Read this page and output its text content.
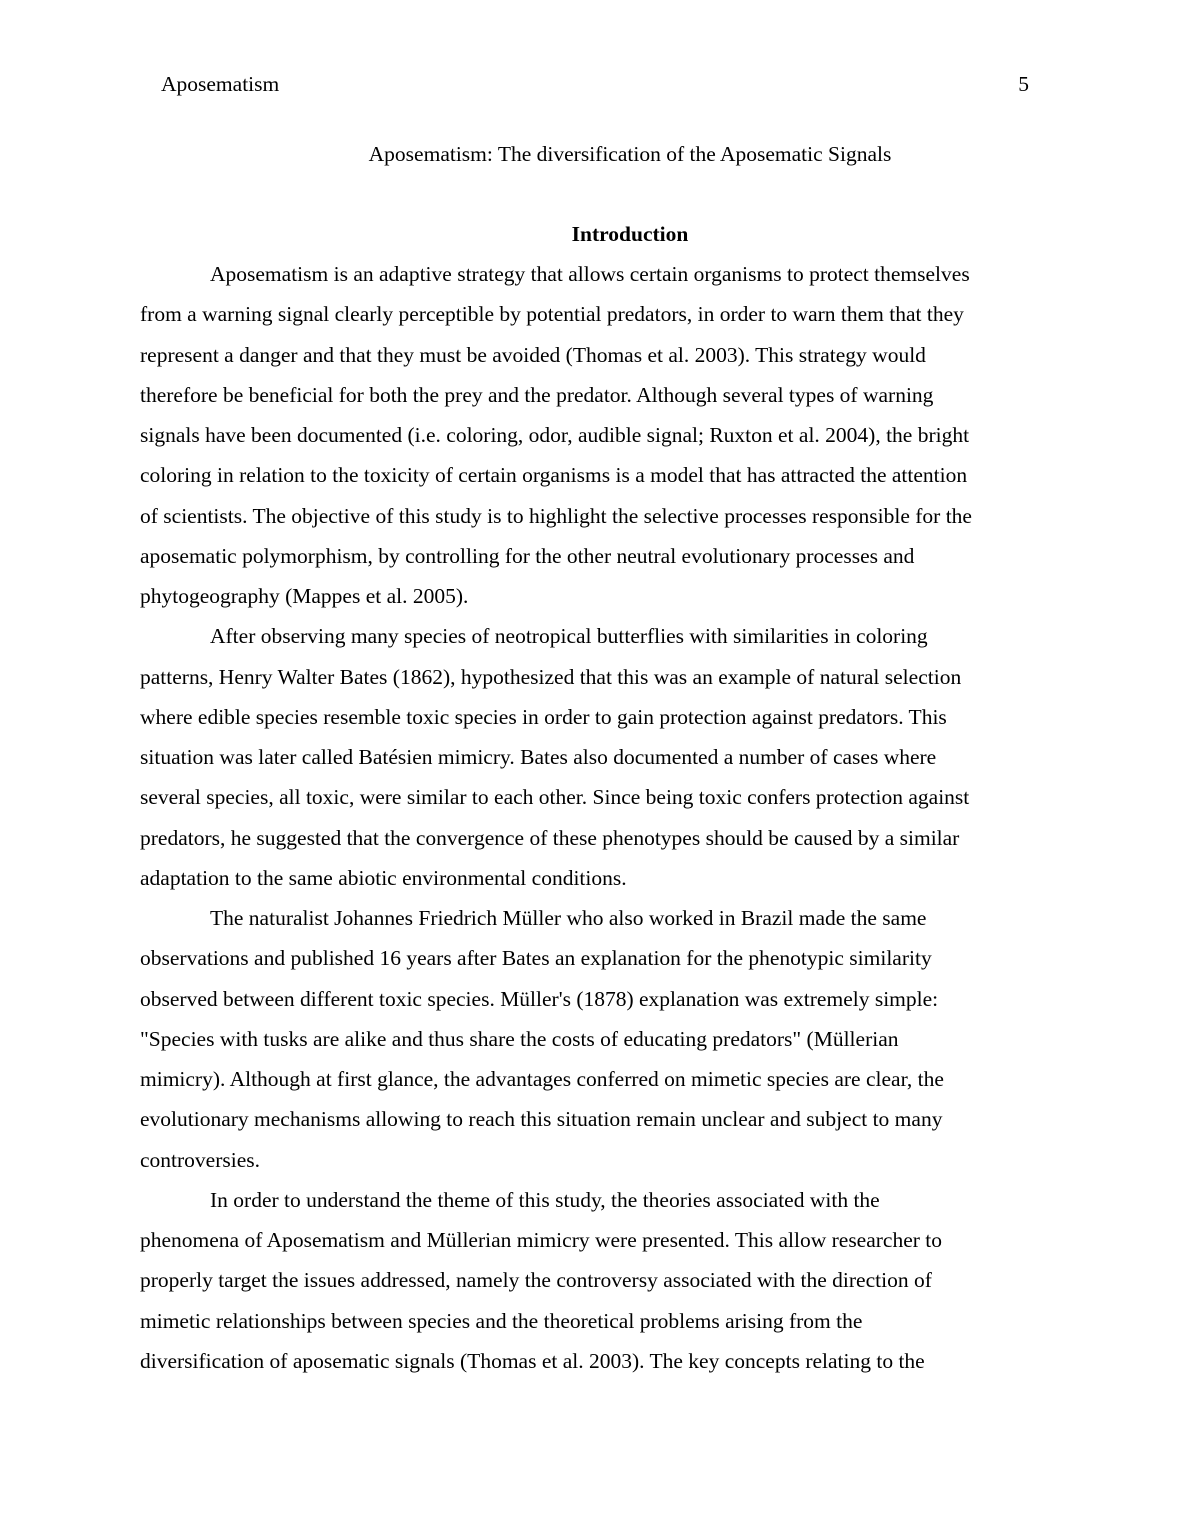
Aposematism	5
Aposematism: The diversification of the Aposematic Signals
Introduction
Aposematism is an adaptive strategy that allows certain organisms to protect themselves
from a warning signal clearly perceptible by potential predators, in order to warn them that they
represent a danger and that they must be avoided (Thomas et al. 2003). This strategy would
therefore be beneficial for both the prey and the predator. Although several types of warning
signals have been documented (i.e. coloring, odor, audible signal; Ruxton et al. 2004), the bright
coloring in relation to the toxicity of certain organisms is a model that has attracted the attention
of scientists. The objective of this study is to highlight the selective processes responsible for the
aposematic polymorphism, by controlling for the other neutral evolutionary processes and
phytogeography (Mappes et al. 2005).
After observing many species of neotropical butterflies with similarities in coloring
patterns, Henry Walter Bates (1862), hypothesized that this was an example of natural selection
where edible species resemble toxic species in order to gain protection against predators. This
situation was later called Batésien mimicry. Bates also documented a number of cases where
several species, all toxic, were similar to each other. Since being toxic confers protection against
predators, he suggested that the convergence of these phenotypes should be caused by a similar
adaptation to the same abiotic environmental conditions.
The naturalist Johannes Friedrich Müller who also worked in Brazil made the same
observations and published 16 years after Bates an explanation for the phenotypic similarity
observed between different toxic species. Müller's (1878) explanation was extremely simple:
"Species with tusks are alike and thus share the costs of educating predators" (Müllerian
mimicry). Although at first glance, the advantages conferred on mimetic species are clear, the
evolutionary mechanisms allowing to reach this situation remain unclear and subject to many
controversies.
In order to understand the theme of this study, the theories associated with the
phenomena of Aposematism and Müllerian mimicry were presented. This allow researcher to
properly target the issues addressed, namely the controversy associated with the direction of
mimetic relationships between species and the theoretical problems arising from the
diversification of aposematic signals (Thomas et al. 2003). The key concepts relating to the
